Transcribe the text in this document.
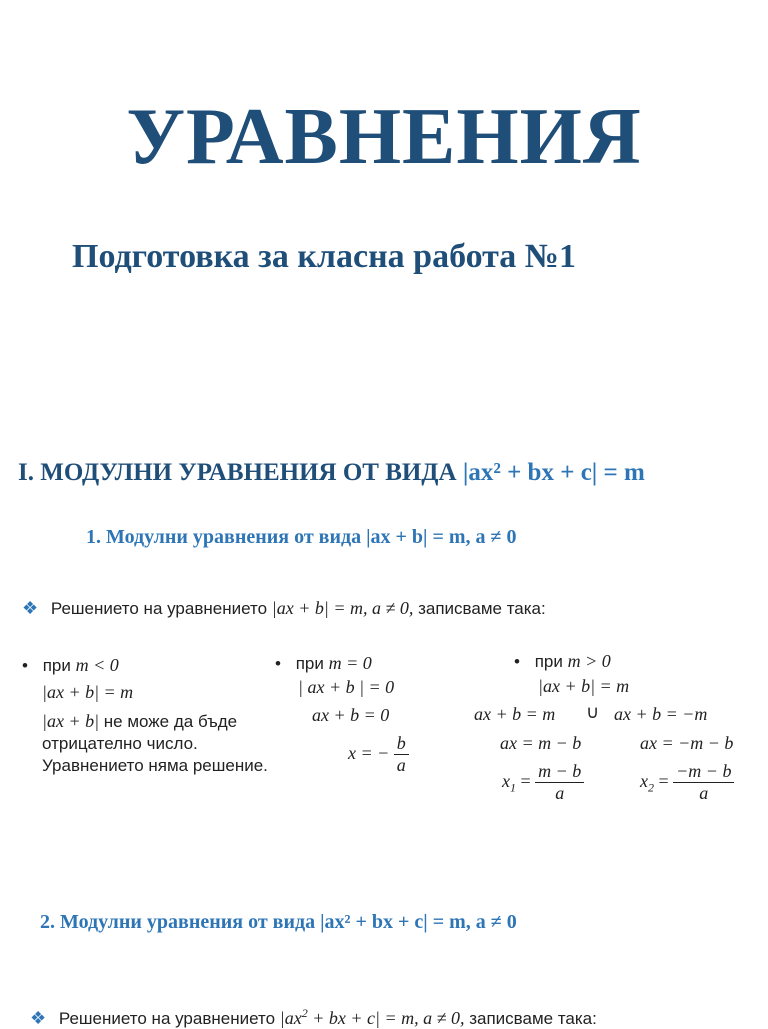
УРАВНЕНИЯ
Подготовка за класна работа №1
I. МОДУЛНИ УРАВНЕНИЯ ОТ ВИДА |ax² + bx + c| = m
1. Модулни уравнения от вида |ax + b| = m, a ≠ 0
❖ Решението на уравнението |ax + b| = m, a ≠ 0, записваме така:
• при m < 0
|ax + b| = m
|ax + b| не може да бъде
отрицателно число.
Уравнението няма решение.
• при m = 0
| ax + b | = 0
ax + b = 0
x = − $\frac{b}{a}$
• при m > 0
|ax + b| = m
ax + b = m ∪ ax + b = −m
ax = m − b	ax = −m − b
$x_1 = \frac{m - b}{a}$	$x_2 = \frac{-m - b}{a}$
2. Модулни уравнения от вида |ax² + bx + c| = m, a ≠ 0
❖ Решението на уравнението $|ax^2$ + bx + c| = m, a ≠ 0, записваме така:
